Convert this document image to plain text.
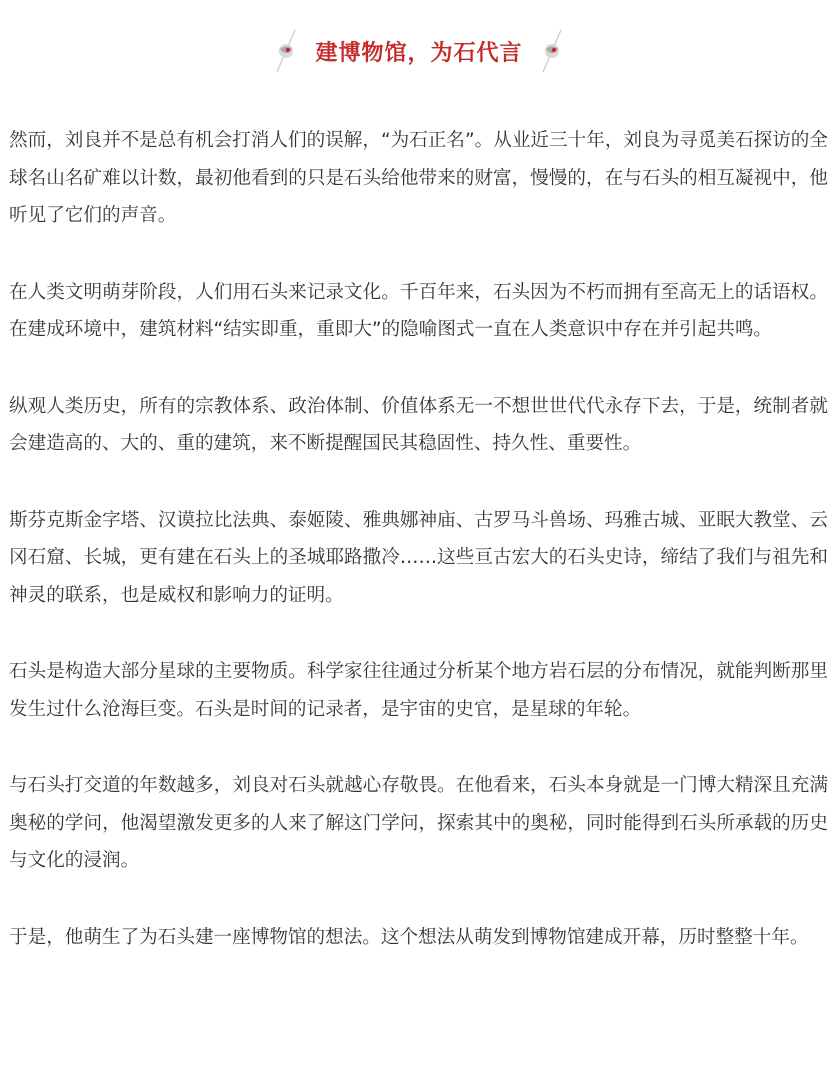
建博物馆，为石代言

然而，刘良并不是总有机会打消人们的误解，“为石正名”。从业近三十年，刘良为寻觅美石探访的全球名山名矿难以计数，最初他看到的只是石头给他带来的财富，慢慢的，在与石头的相互凝视中，他听见了它们的声音。

在人类文明萌芽阶段，人们用石头来记录文化。千百年来，石头因为不朽而拥有至高无上的话语权。在建成环境中，建筑材料“结实即重，重即大”的隐喻图式一直在人类意识中存在并引起共鸣。

纵观人类历史，所有的宗教体系、政治体制、价值体系无一不想世世代代永存下去，于是，统制者就会建造高的、大的、重的建筑，来不断提醒国民其稳固性、持久性、重要性。

斯芬克斯金字塔、汉谟拉比法典、泰姬陵、雅典娜神庙、古罗马斗兽场、玛雅古城、亚眠大教堂、云冈石窟、长城，更有建在石头上的圣城耶路撒冷……这些亘古宏大的石头史诗，缔结了我们与祖先和神灵的联系，也是威权和影响力的证明。

石头是构造大部分星球的主要物质。科学家往往通过分析某个地方岩石层的分布情况，就能判断那里发生过什么沧海巨变。石头是时间的记录者，是宇宙的史官，是星球的年轮。

与石头打交道的年数越多，刘良对石头就越心存敬畏。在他看来，石头本身就是一门博大精深且充满奥秘的学问，他渴望激发更多的人来了解这门学问，探索其中的奥秘，同时能得到石头所承载的历史与文化的浸润。

于是，他萌生了为石头建一座博物馆的想法。这个想法从萌发到博物馆建成开幕，历时整整十年。
